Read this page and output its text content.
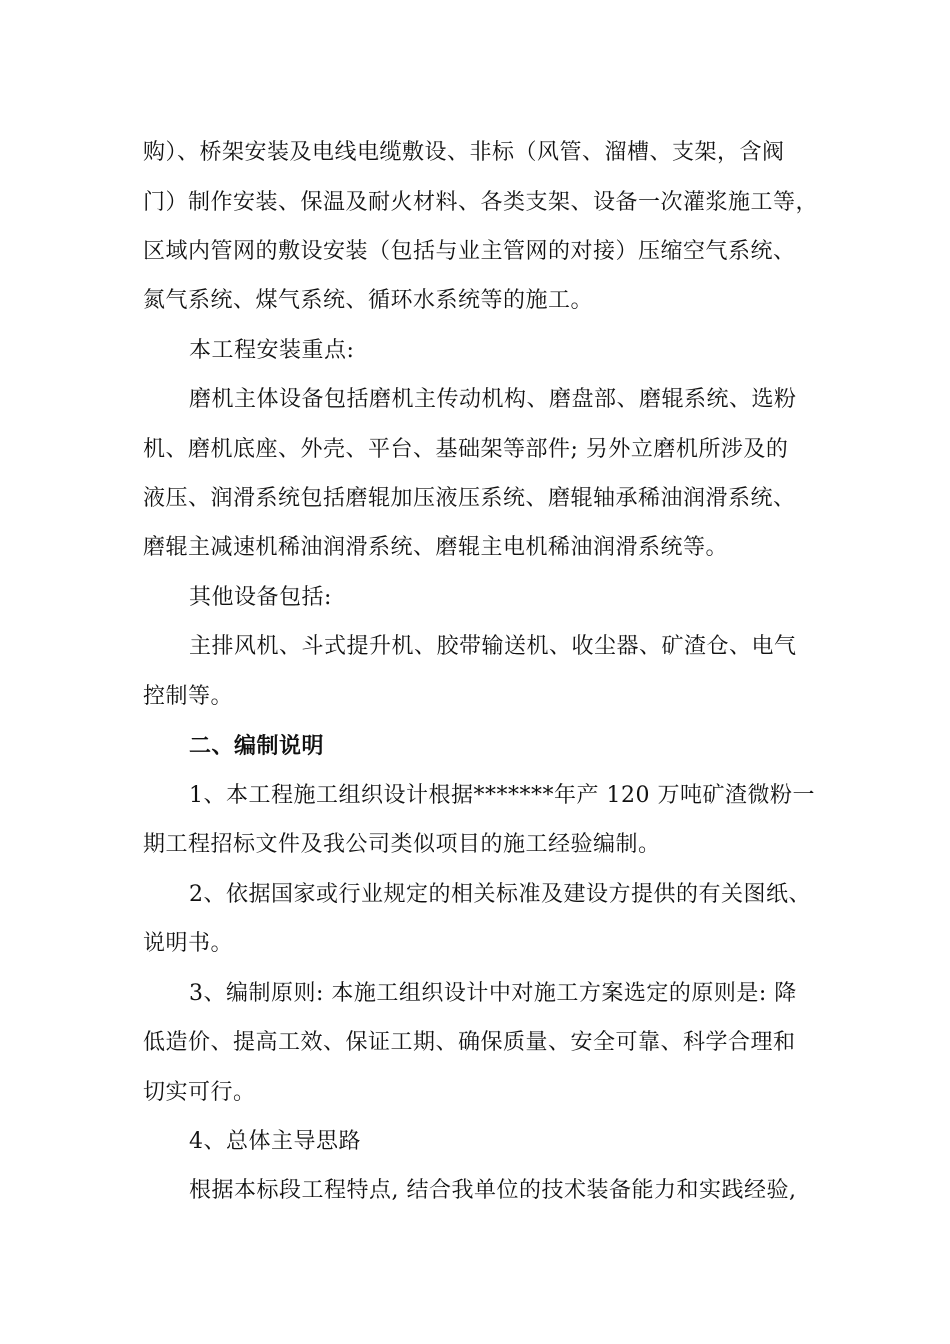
购）、桥架安装及电线电缆敷设、非标（风管、溜槽、支架，含阀
门）制作安装、保温及耐火材料、各类支架、设备一次灌浆施工等，
区域内管网的敷设安装（包括与业主管网的对接）压缩空气系统、
氮气系统、煤气系统、循环水系统等的施工。
本工程安装重点:
磨机主体设备包括磨机主传动机构、磨盘部、磨辊系统、选粉
机、磨机底座、外壳、平台、基础架等部件; 另外立磨机所涉及的
液压、润滑系统包括磨辊加压液压系统、磨辊轴承稀油润滑系统、
磨辊主减速机稀油润滑系统、磨辊主电机稀油润滑系统等。
其他设备包括:
主排风机、斗式提升机、胶带输送机、收尘器、矿渣仓、电气
控制等。
二、编制说明
1、本工程施工组织设计根据*******年产 120 万吨矿渣微粉一
期工程招标文件及我公司类似项目的施工经验编制。
2、依据国家或行业规定的相关标准及建设方提供的有关图纸、
说明书。
3、编制原则: 本施工组织设计中对施工方案选定的原则是: 降
低造价、提高工效、保证工期、确保质量、安全可靠、科学合理和
切实可行。
4、总体主导思路
根据本标段工程特点, 结合我单位的技术装备能力和实践经验,
